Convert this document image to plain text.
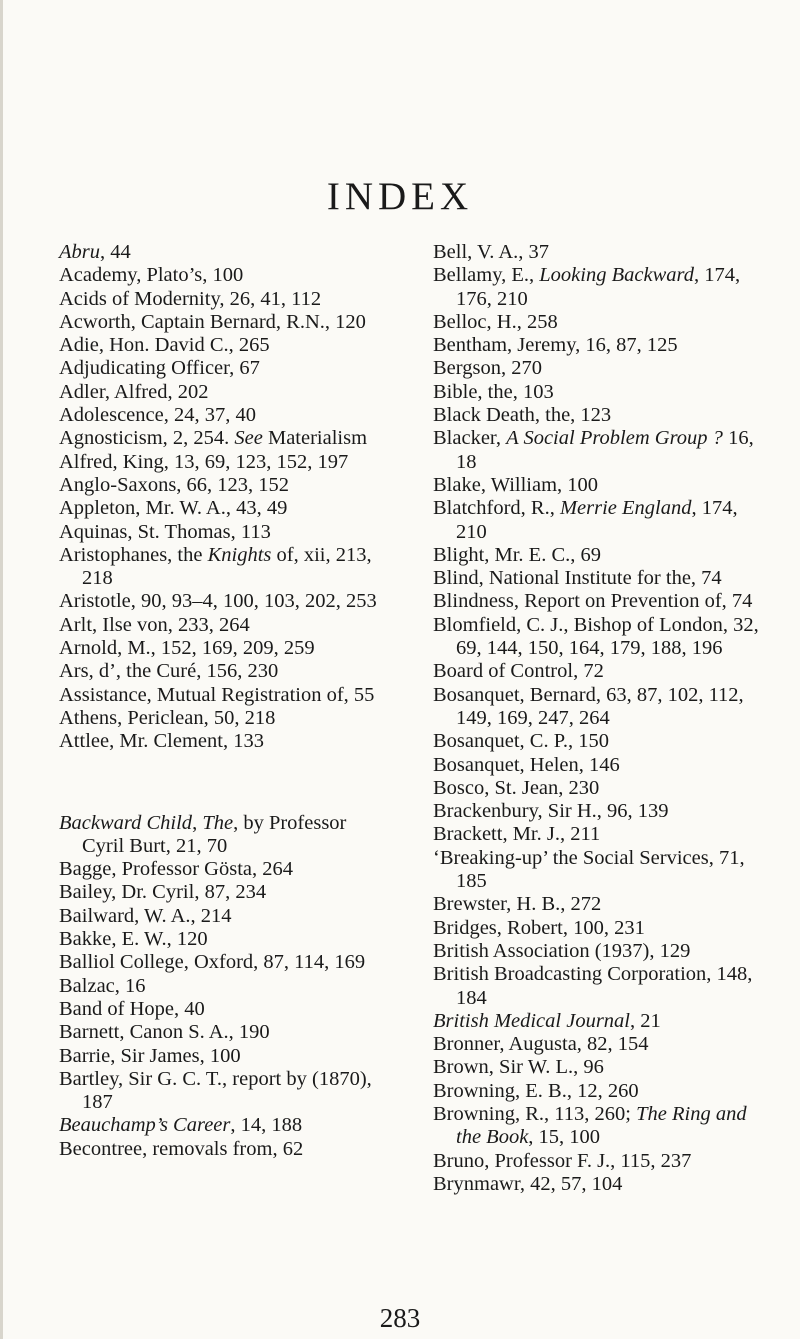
INDEX
Abru, 44
Academy, Plato’s, 100
Acids of Modernity, 26, 41, 112
Acworth, Captain Bernard, R.N., 120
Adie, Hon. David C., 265
Adjudicating Officer, 67
Adler, Alfred, 202
Adolescence, 24, 37, 40
Agnosticism, 2, 254. See Materialism
Alfred, King, 13, 69, 123, 152, 197
Anglo-Saxons, 66, 123, 152
Appleton, Mr. W. A., 43, 49
Aquinas, St. Thomas, 113
Aristophanes, the Knights of, xii, 213, 218
Aristotle, 90, 93–4, 100, 103, 202, 253
Arlt, Ilse von, 233, 264
Arnold, M., 152, 169, 209, 259
Ars, d’, the Curé, 156, 230
Assistance, Mutual Registration of, 55
Athens, Periclean, 50, 218
Attlee, Mr. Clement, 133
Backward Child, The, by Professor Cyril Burt, 21, 70
Bagge, Professor Gösta, 264
Bailey, Dr. Cyril, 87, 234
Bailward, W. A., 214
Bakke, E. W., 120
Balliol College, Oxford, 87, 114, 169
Balzac, 16
Band of Hope, 40
Barnett, Canon S. A., 190
Barrie, Sir James, 100
Bartley, Sir G. C. T., report by (1870), 187
Beauchamp’s Career, 14, 188
Becontree, removals from, 62
Bell, V. A., 37
Bellamy, E., Looking Backward, 174, 176, 210
Belloc, H., 258
Bentham, Jeremy, 16, 87, 125
Bergson, 270
Bible, the, 103
Black Death, the, 123
Blacker, A Social Problem Group ? 16, 18
Blake, William, 100
Blatchford, R., Merrie England, 174, 210
Blight, Mr. E. C., 69
Blind, National Institute for the, 74
Blindness, Report on Prevention of, 74
Blomfield, C. J., Bishop of London, 32, 69, 144, 150, 164, 179, 188, 196
Board of Control, 72
Bosanquet, Bernard, 63, 87, 102, 112, 149, 169, 247, 264
Bosanquet, C. P., 150
Bosanquet, Helen, 146
Bosco, St. Jean, 230
Brackenbury, Sir H., 96, 139
Brackett, Mr. J., 211
‘Breaking-up’ the Social Services, 71, 185
Brewster, H. B., 272
Bridges, Robert, 100, 231
British Association (1937), 129
British Broadcasting Corporation, 148, 184
British Medical Journal, 21
Bronner, Augusta, 82, 154
Brown, Sir W. L., 96
Browning, E. B., 12, 260
Browning, R., 113, 260; The Ring and the Book, 15, 100
Bruno, Professor F. J., 115, 237
Brynmawr, 42, 57, 104
283
